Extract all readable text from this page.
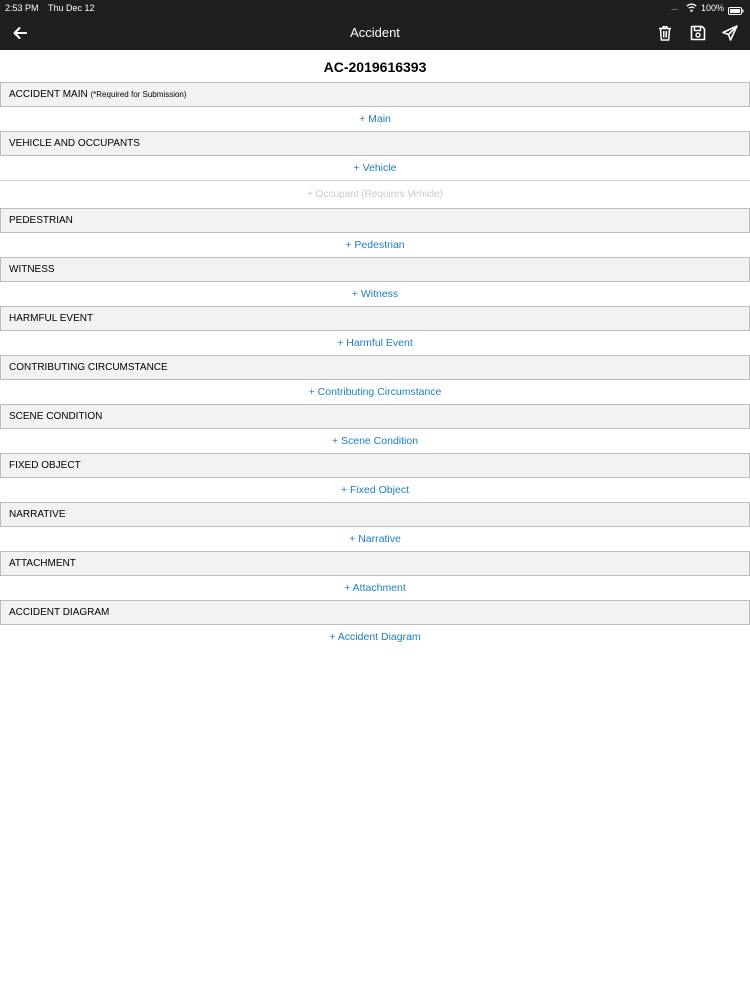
2:53 PM Thu Dec 12	....	100%
Accident
AC-2019616393
ACCIDENT MAIN (*Required for Submission)
+ Main
VEHICLE AND OCCUPANTS
+ Vehicle
+ Occupant (Requires Vehicle)
PEDESTRIAN
+ Pedestrian
WITNESS
+ Witness
HARMFUL EVENT
+ Harmful Event
CONTRIBUTING CIRCUMSTANCE
+ Contributing Circumstance
SCENE CONDITION
+ Scene Condition
FIXED OBJECT
+ Fixed Object
NARRATIVE
+ Narrative
ATTACHMENT
+ Attachment
ACCIDENT DIAGRAM
+ Accident Diagram
